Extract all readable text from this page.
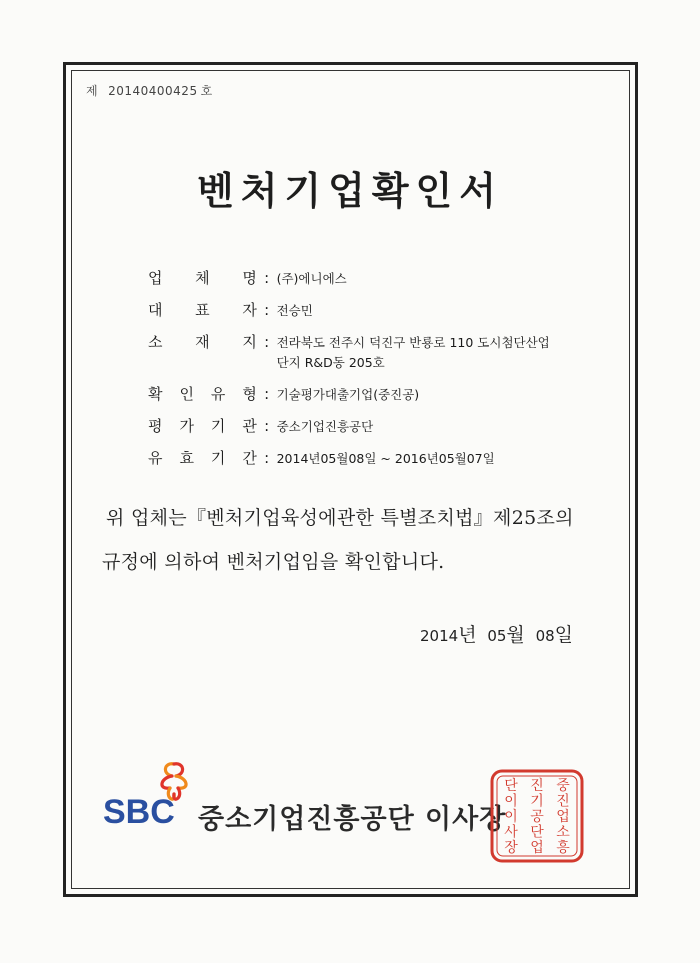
제 20140400425 호
벤처기업확인서
업 체 명 : (주)에니에스
대 표 자 : 전승민
소 재 지 : 전라북도 전주시 덕진구 반룡로 110 도시첨단산업
단지 R&D동 205호
확 인 유 형 : 기술평가대출기업(중진공)
평 가 기 관 : 중소기업진흥공단
유 효 기 간 : 2014년05월08일 ~ 2016년05월07일
위 업체는『벤처기업육성에관한 특별조치법』제25조의
규정에 의하여 벤처기업임을 확인합니다.
2014년 05월 08일
SBC 중소기업진흥공단 이사장
중
진
업
소
흥
진
기
공
단
업
단
이
이
사
장
